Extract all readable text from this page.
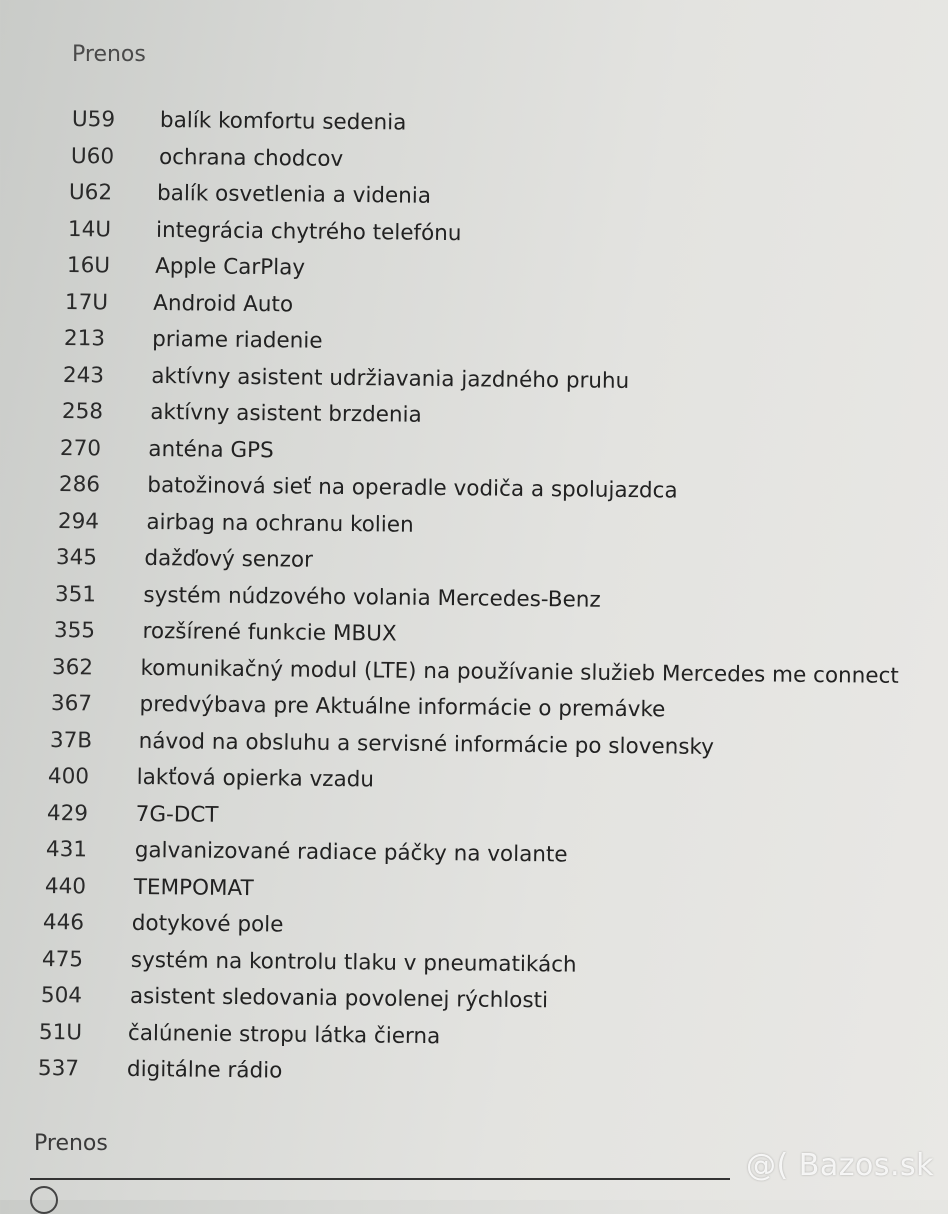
Prenos
U59	balík komfortu sedenia
U60	ochrana chodcov
U62	balík osvetlenia a videnia
14U	integrácia chytrého telefónu
16U	Apple CarPlay
17U	Android Auto
213	priame riadenie
243	aktívny asistent udržiavania jazdného pruhu
258	aktívny asistent brzdenia
270	anténa GPS
286	batožinová sieť na operadle vodiča a spolujazdca
294	airbag na ochranu kolien
345	dažďový senzor
351	systém núdzového volania Mercedes-Benz
355	rozšírené funkcie MBUX
362	komunikačný modul (LTE) na používanie služieb Mercedes me connect
367	predvýbava pre Aktuálne informácie o premávke
37B	návod na obsluhu a servisné informácie po slovensky
400	lakťová opierka vzadu
429	7G-DCT
431	galvanizované radiace páčky na volante
440	TEMPOMAT
446	dotykové pole
475	systém na kontrolu tlaku v pneumatikách
504	asistent sledovania povolenej rýchlosti
51U	čalúnenie stropu látka čierna
537	digitálne rádio
Prenos
@( Bazos.sk
